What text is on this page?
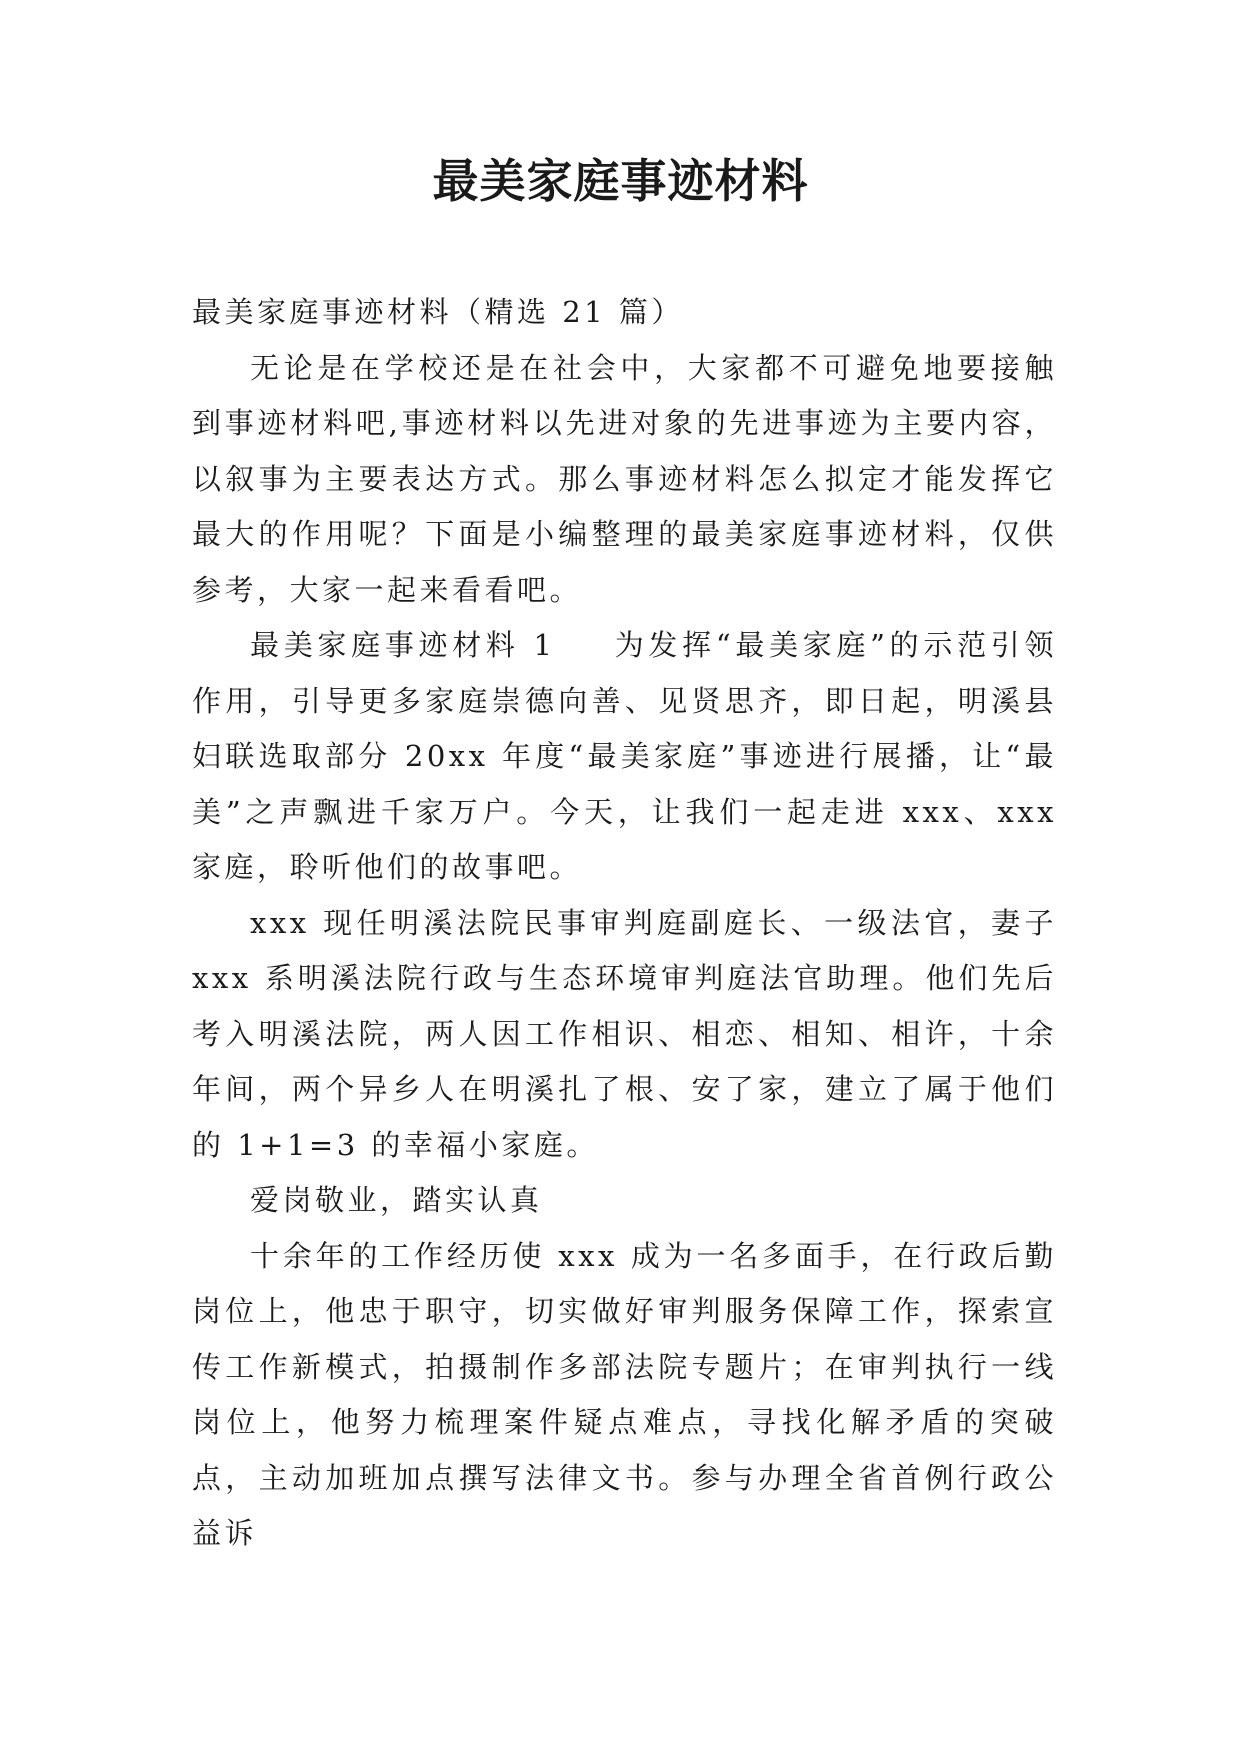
最美家庭事迹材料

最美家庭事迹材料（精选 21 篇）

无论是在学校还是在社会中，大家都不可避免地要接触到事迹材料吧,事迹材料以先进对象的先进事迹为主要内容，以叙事为主要表达方式。那么事迹材料怎么拟定才能发挥它最大的作用呢？下面是小编整理的最美家庭事迹材料，仅供参考，大家一起来看看吧。

最美家庭事迹材料 1 为发挥“最美家庭”的示范引领作用，引导更多家庭崇德向善、见贤思齐，即日起，明溪县妇联选取部分 20xx 年度“最美家庭”事迹进行展播，让“最美”之声飘进千家万户。今天，让我们一起走进 xxx、xxx 家庭，聆听他们的故事吧。

xxx 现任明溪法院民事审判庭副庭长、一级法官，妻子 xxx 系明溪法院行政与生态环境审判庭法官助理。他们先后考入明溪法院，两人因工作相识、相恋、相知、相许，十余年间，两个异乡人在明溪扎了根、安了家，建立了属于他们的 1+1=3 的幸福小家庭。

爱岗敬业，踏实认真

十余年的工作经历使 xxx 成为一名多面手，在行政后勤岗位上，他忠于职守，切实做好审判服务保障工作，探索宣传工作新模式，拍摄制作多部法院专题片；在审判执行一线岗位上，他努力梳理案件疑点难点，寻找化解矛盾的突破点，主动加班加点撰写法律文书。参与办理全省首例行政公益诉
